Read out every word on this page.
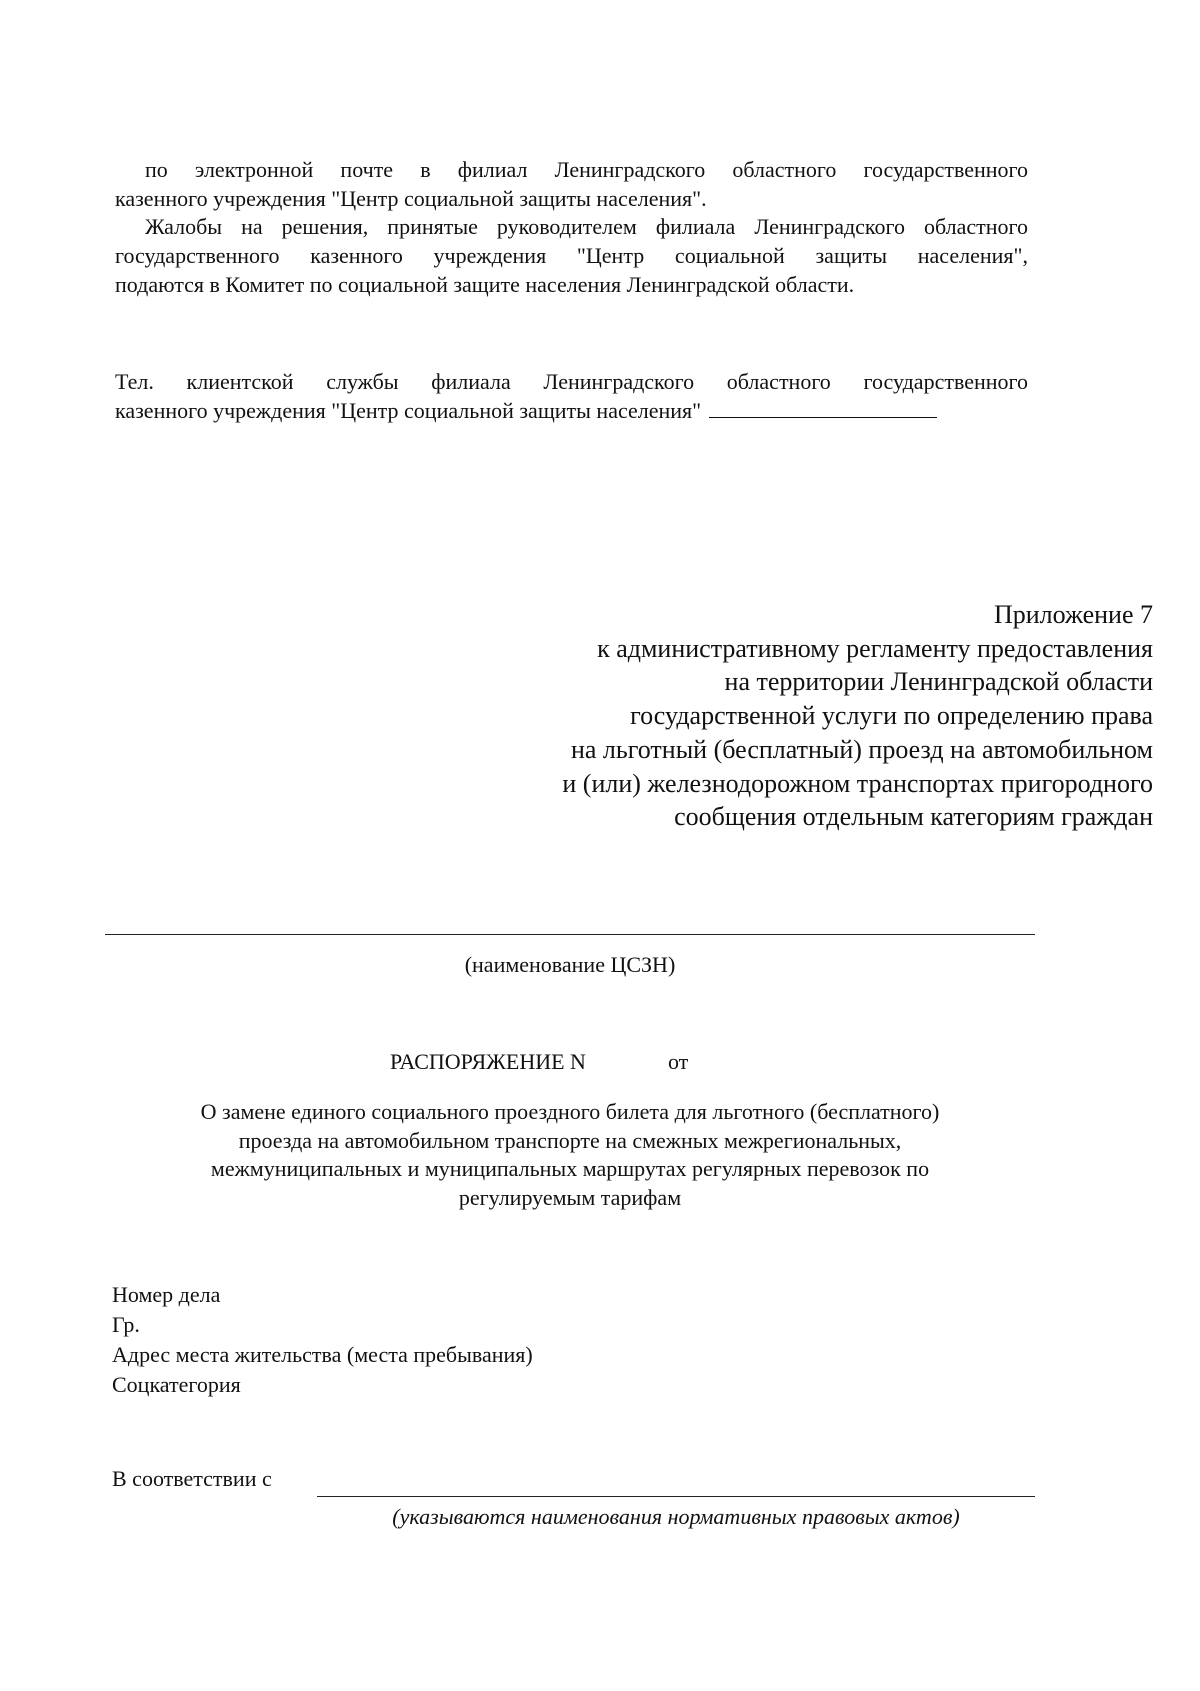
по электронной почте в филиал Ленинградского областного государственного
казенного учреждения "Центр социальной защиты населения".
Жалобы на решения, принятые руководителем филиала Ленинградского областного
государственного казенного учреждения "Центр социальной защиты населения",
подаются в Комитет по социальной защите населения Ленинградской области.
Тел. клиентской службы филиала Ленинградского областного государственного
казенного учреждения "Центр социальной защиты населения"
Приложение 7
к административному регламенту предоставления
на территории Ленинградской области
государственной услуги по определению права
на льготный (бесплатный) проезд на автомобильном
и (или) железнодорожном транспортах пригородного
сообщения отдельным категориям граждан
(наименование ЦСЗН)
РАСПОРЯЖЕНИЕ N	от
О замене единого социального проездного билета для льготного (бесплатного)
проезда на автомобильном транспорте на смежных межрегиональных,
межмуниципальных и муниципальных маршрутах регулярных перевозок по
регулируемым тарифам
Номер дела
Гр.
Адрес места жительства (места пребывания)
Соцкатегория
В соответствии с
(указываются наименования нормативных правовых актов)
